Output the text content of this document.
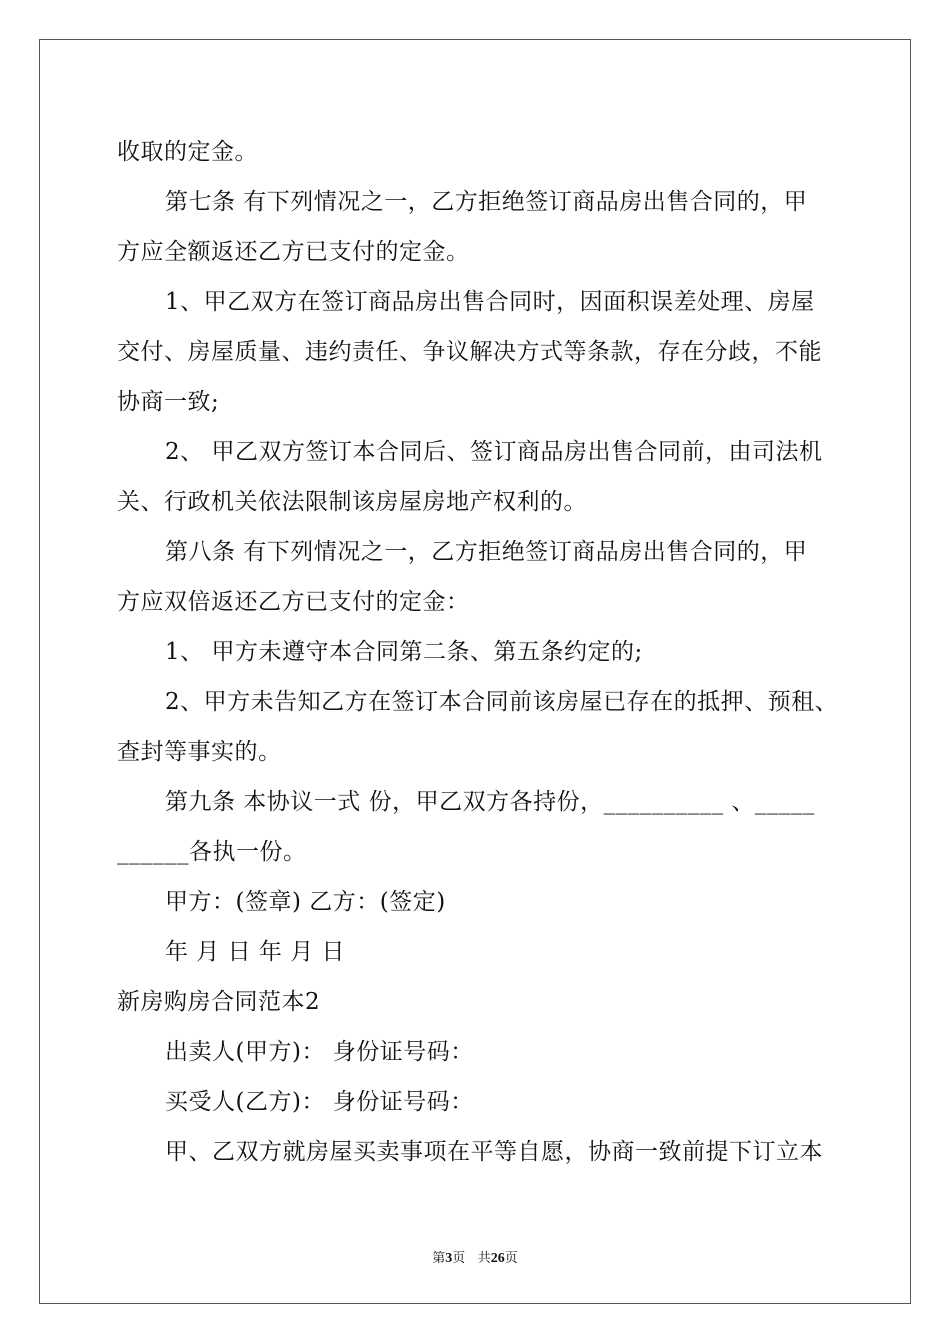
收取的定金。
第七条 有下列情况之一，乙方拒绝签订商品房出售合同的，甲
方应全额返还乙方已支付的定金。
1、甲乙双方在签订商品房出售合同时，因面积误差处理、房屋
交付、房屋质量、违约责任、争议解决方式等条款，存在分歧，不能
协商一致;
2、 甲乙双方签订本合同后、签订商品房出售合同前，由司法机
关、行政机关依法限制该房屋房地产权利的。
第八条 有下列情况之一，乙方拒绝签订商品房出售合同的，甲
方应双倍返还乙方已支付的定金：
1、 甲方未遵守本合同第二条、第五条约定的;
2、甲方未告知乙方在签订本合同前该房屋已存在的抵押、预租、
查封等事实的。
第九条 本协议一式 份，甲乙双方各持份，__________ 、_____
______各执一份。
甲方：(签章) 乙方：(签定)
年 月 日 年 月 日
新房购房合同范本2
出卖人(甲方)： 身份证号码：
买受人(乙方)： 身份证号码：
甲、乙双方就房屋买卖事项在平等自愿，协商一致前提下订立本
第3页 共26页
